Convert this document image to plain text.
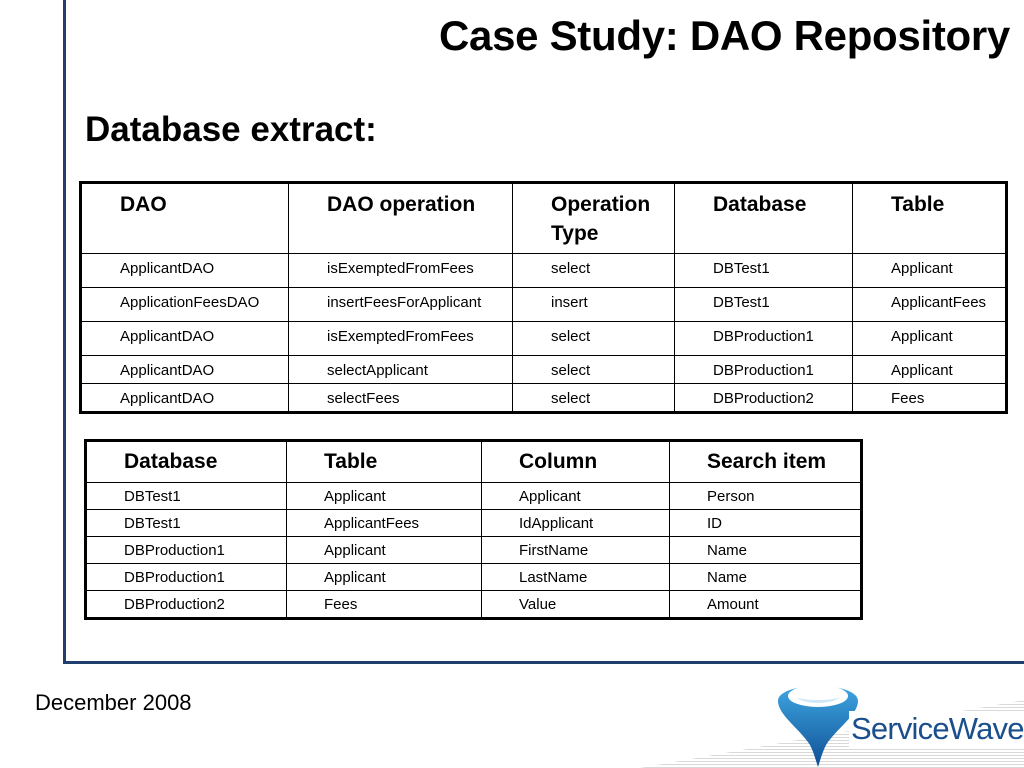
Case Study: DAO Repository
Database extract:
DAO	DAO operation	Operation Type	Database	Table
ApplicantDAO	isExemptedFromFees	select	DBTest1	Applicant
ApplicationFeesDAO	insertFeesForApplicant	insert	DBTest1	ApplicantFees
ApplicantDAO	isExemptedFromFees	select	DBProduction1	Applicant
ApplicantDAO	selectApplicant	select	DBProduction1	Applicant
ApplicantDAO	selectFees	select	DBProduction2	Fees
Database	Table	Column	Search item
DBTest1	Applicant	Applicant	Person
DBTest1	ApplicantFees	IdApplicant	ID
DBProduction1	Applicant	FirstName	Name
DBProduction1	Applicant	LastName	Name
DBProduction2	Fees	Value	Amount
December 2008
ServiceWave
